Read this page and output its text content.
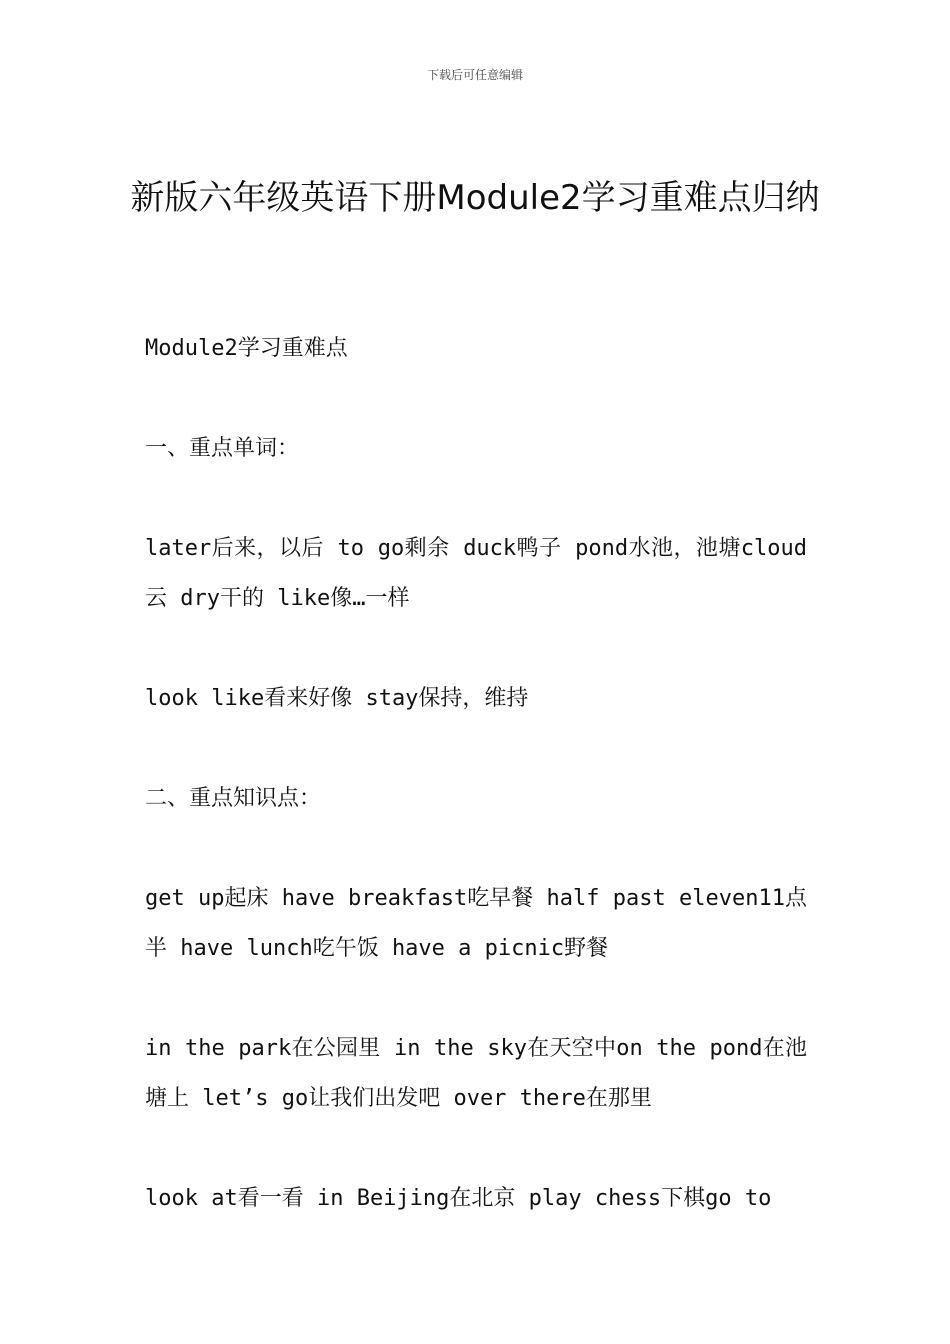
下载后可任意编辑
新版六年级英语下册Module2学习重难点归纳

Module2学习重难点

一、重点单词：

later后来，以后 to go剩余 duck鸭子 pond水池，池塘cloud云 dry干的 like像…一样

look like看来好像 stay保持，维持

二、重点知识点：

get up起床 have breakfast吃早餐 half past eleven11点半 have lunch吃午饭 have a picnic野餐

in the park在公园里 in the sky在天空中on the pond在池塘上 let’s go让我们出发吧 over there在那里

look at看一看 in Beijing在北京 play chess下棋go to
